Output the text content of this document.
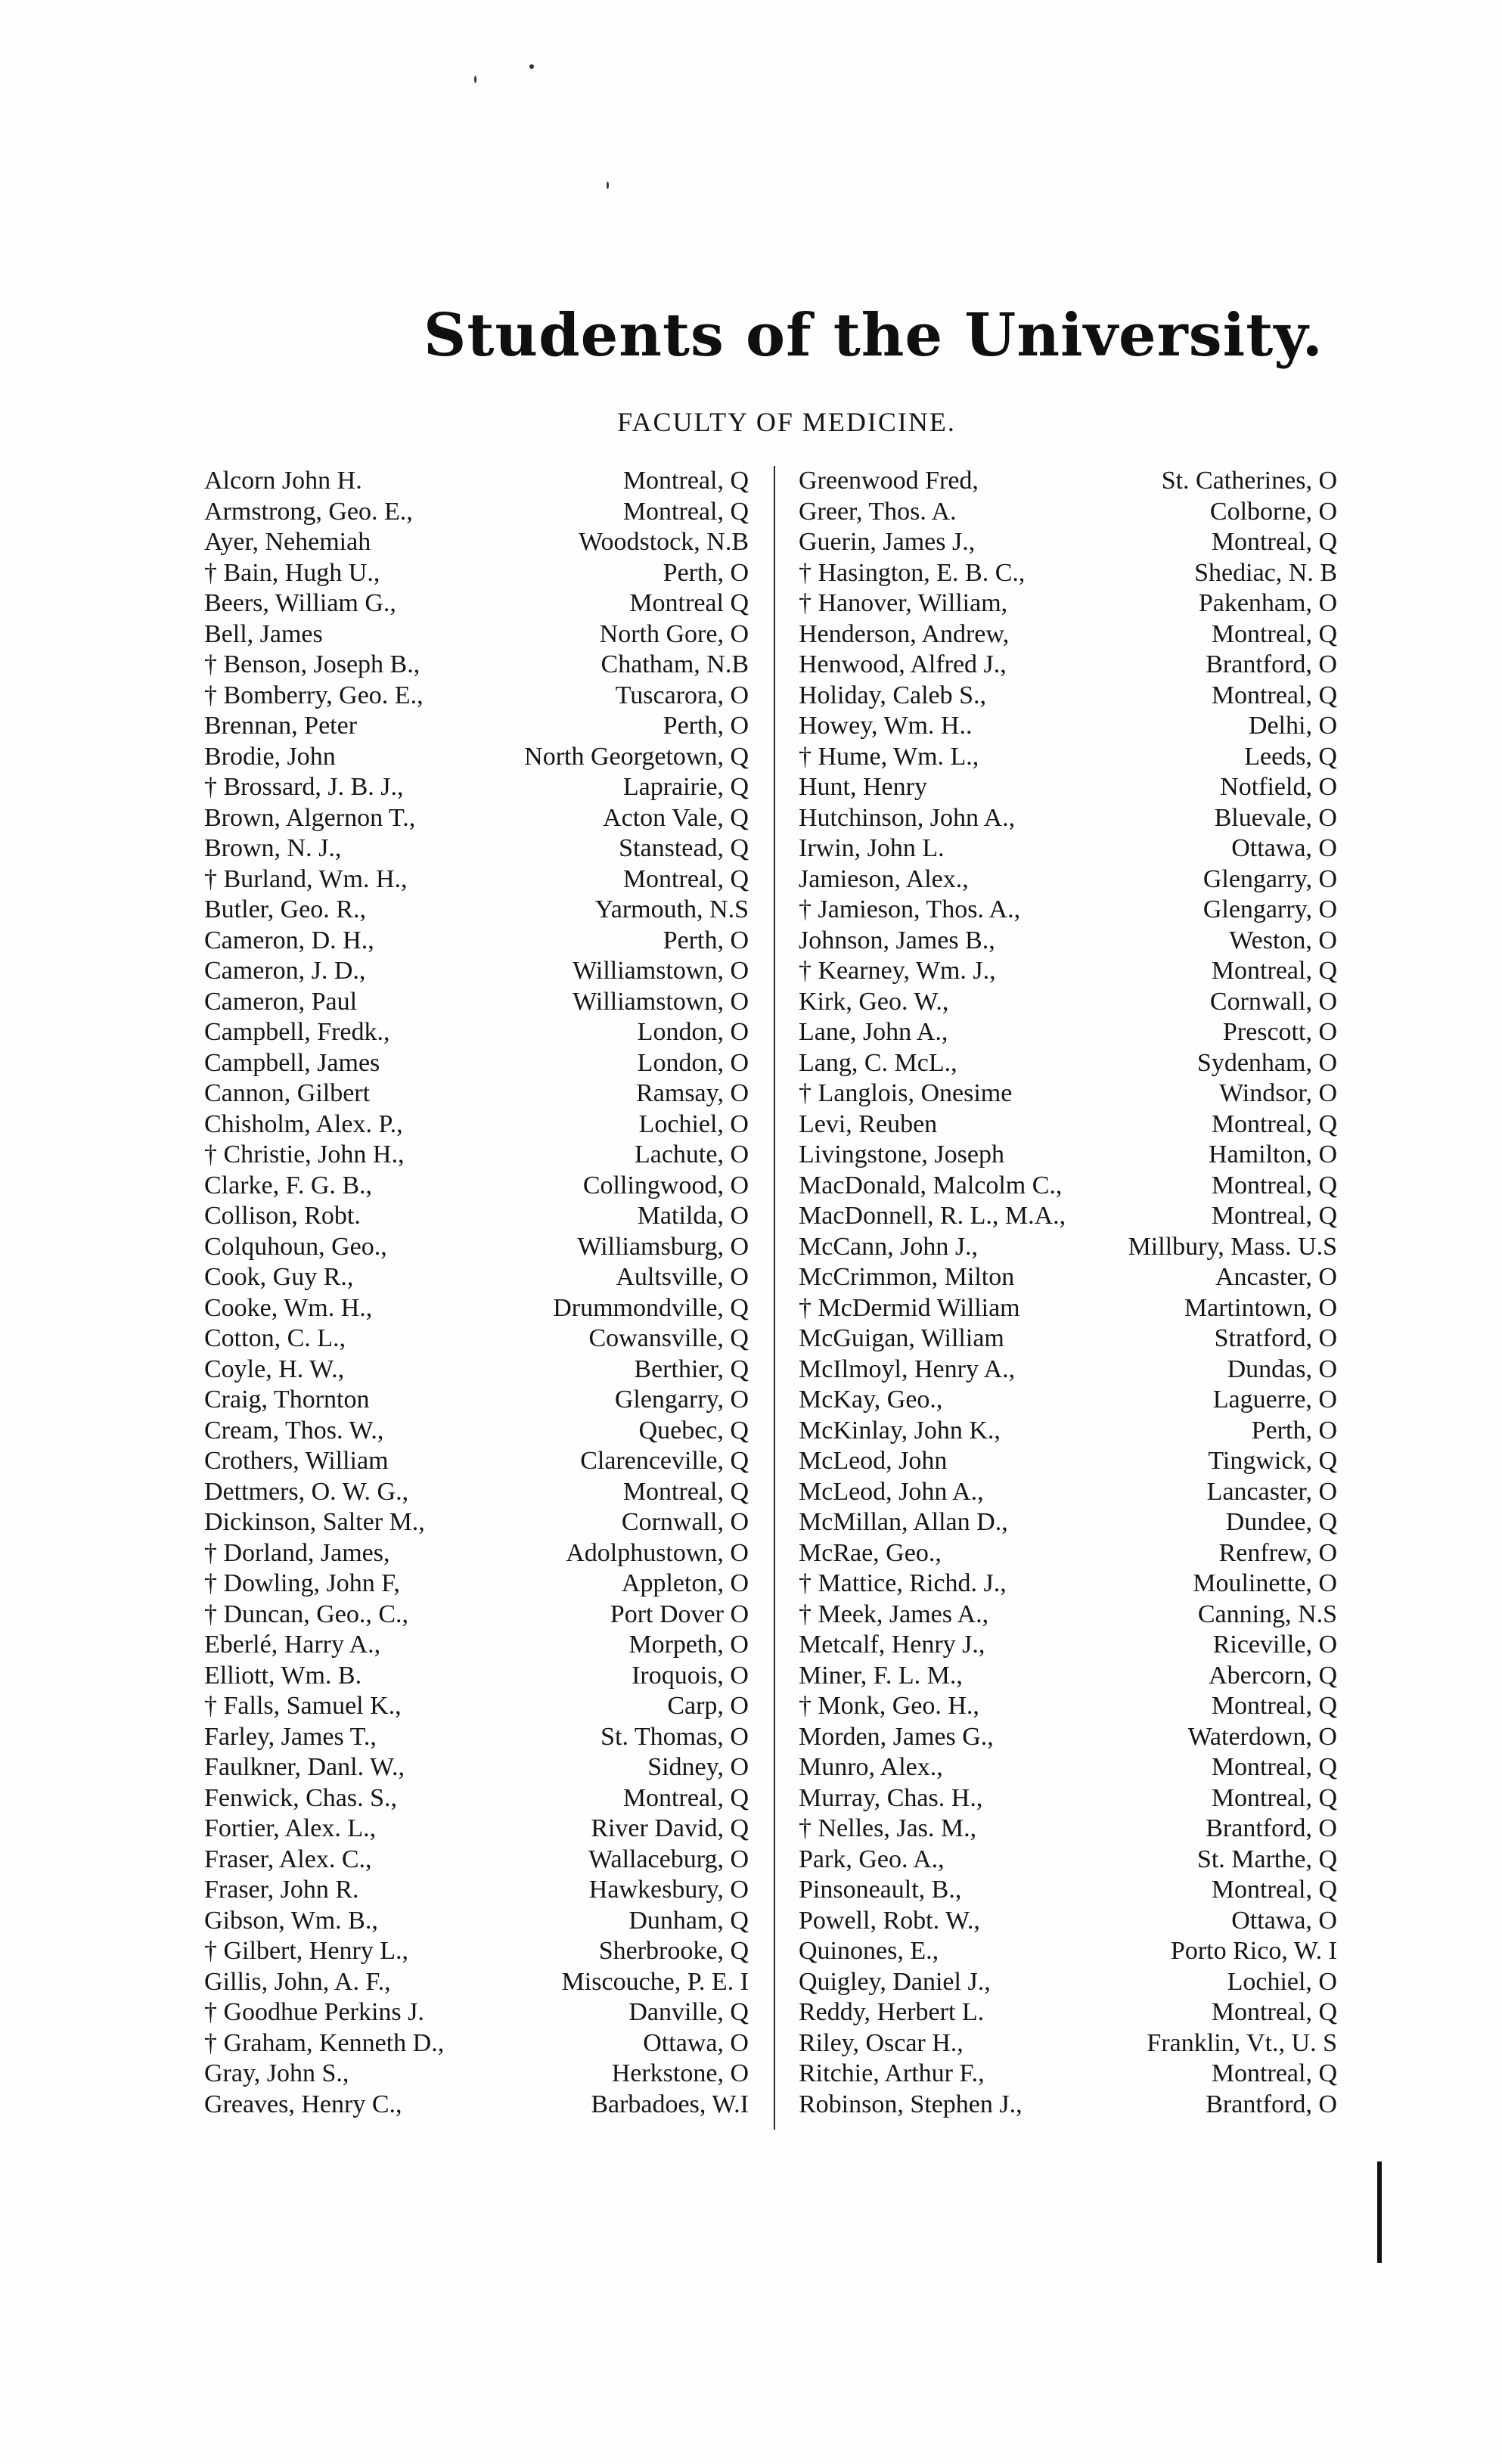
Students of the University.
FACULTY OF MEDICINE.
Alcorn John H.	Montreal, Q
Armstrong, Geo. E.,	Montreal, Q
Ayer, Nehemiah	Woodstock, N.B
† Bain, Hugh U.,	Perth, O
Beers, William G.,	Montreal Q
Bell, James	North Gore, O
† Benson, Joseph B.,	Chatham, N.B
† Bomberry, Geo. E.,	Tuscarora, O
Brennan, Peter	Perth, O
Brodie, John	North Georgetown, Q
† Brossard, J. B. J.,	Laprairie, Q
Brown, Algernon T.,	Acton Vale, Q
Brown, N. J.,	Stanstead, Q
† Burland, Wm. H.,	Montreal, Q
Butler, Geo. R.,	Yarmouth, N.S
Cameron, D. H.,	Perth, O
Cameron, J. D.,	Williamstown, O
Cameron, Paul	Williamstown, O
Campbell, Fredk.,	London, O
Campbell, James	London, O
Cannon, Gilbert	Ramsay, O
Chisholm, Alex. P.,	Lochiel, O
† Christie, John H.,	Lachute, O
Clarke, F. G. B.,	Collingwood, O
Collison, Robt.	Matilda, O
Colquhoun, Geo.,	Williamsburg, O
Cook, Guy R.,	Aultsville, O
Cooke, Wm. H.,	Drummondville, Q
Cotton, C. L.,	Cowansville, Q
Coyle, H. W.,	Berthier, Q
Craig, Thornton	Glengarry, O
Cream, Thos. W.,	Quebec, Q
Crothers, William	Clarenceville, Q
Dettmers, O. W. G.,	Montreal, Q
Dickinson, Salter M.,	Cornwall, O
† Dorland, James,	Adolphustown, O
† Dowling, John F,	Appleton, O
† Duncan, Geo., C.,	Port Dover O
Eberlé, Harry A.,	Morpeth, O
Elliott, Wm. B.	Iroquois, O
† Falls, Samuel K.,	Carp, O
Farley, James T.,	St. Thomas, O
Faulkner, Danl. W.,	Sidney, O
Fenwick, Chas. S.,	Montreal, Q
Fortier, Alex. L.,	River David, Q
Fraser, Alex. C.,	Wallaceburg, O
Fraser, John R.	Hawkesbury, O
Gibson, Wm. B.,	Dunham, Q
† Gilbert, Henry L.,	Sherbrooke, Q
Gillis, John, A. F.,	Miscouche, P. E. I
† Goodhue Perkins J.	Danville, Q
† Graham, Kenneth D.,	Ottawa, O
Gray, John S.,	Herkstone, O
Greaves, Henry C.,	Barbadoes, W.I
Greenwood Fred,	St. Catherines, O
Greer, Thos. A.	Colborne, O
Guerin, James J.,	Montreal, Q
† Hasington, E. B. C.,	Shediac, N. B
† Hanover, William,	Pakenham, O
Henderson, Andrew,	Montreal, Q
Henwood, Alfred J.,	Brantford, O
Holiday, Caleb S.,	Montreal, Q
Howey, Wm. H..	Delhi, O
† Hume, Wm. L.,	Leeds, Q
Hunt, Henry	Notfield, O
Hutchinson, John A.,	Bluevale, O
Irwin, John L.	Ottawa, O
Jamieson, Alex.,	Glengarry, O
† Jamieson, Thos. A.,	Glengarry, O
Johnson, James B.,	Weston, O
† Kearney, Wm. J.,	Montreal, Q
Kirk, Geo. W.,	Cornwall, O
Lane, John A.,	Prescott, O
Lang, C. McL.,	Sydenham, O
† Langlois, Onesime	Windsor, O
Levi, Reuben	Montreal, Q
Livingstone, Joseph	Hamilton, O
MacDonald, Malcolm C.,	Montreal, Q
MacDonnell, R. L., M.A.,	Montreal, Q
McCann, John J.,	Millbury, Mass. U.S
McCrimmon, Milton	Ancaster, O
† McDermid William	Martintown, O
McGuigan, William	Stratford, O
McIlmoyl, Henry A.,	Dundas, O
McKay, Geo.,	Laguerre, O
McKinlay, John K.,	Perth, O
McLeod, John	Tingwick, Q
McLeod, John A.,	Lancaster, O
McMillan, Allan D.,	Dundee, Q
McRae, Geo.,	Renfrew, O
† Mattice, Richd. J.,	Moulinette, O
† Meek, James A.,	Canning, N.S
Metcalf, Henry J.,	Riceville, O
Miner, F. L. M.,	Abercorn, Q
† Monk, Geo. H.,	Montreal, Q
Morden, James G.,	Waterdown, O
Munro, Alex.,	Montreal, Q
Murray, Chas. H.,	Montreal, Q
† Nelles, Jas. M.,	Brantford, O
Park, Geo. A.,	St. Marthe, Q
Pinsoneault, B.,	Montreal, Q
Powell, Robt. W.,	Ottawa, O
Quinones, E.,	Porto Rico, W. I
Quigley, Daniel J.,	Lochiel, O
Reddy, Herbert L.	Montreal, Q
Riley, Oscar H.,	Franklin, Vt., U. S
Ritchie, Arthur F.,	Montreal, Q
Robinson, Stephen J.,	Brantford, O
